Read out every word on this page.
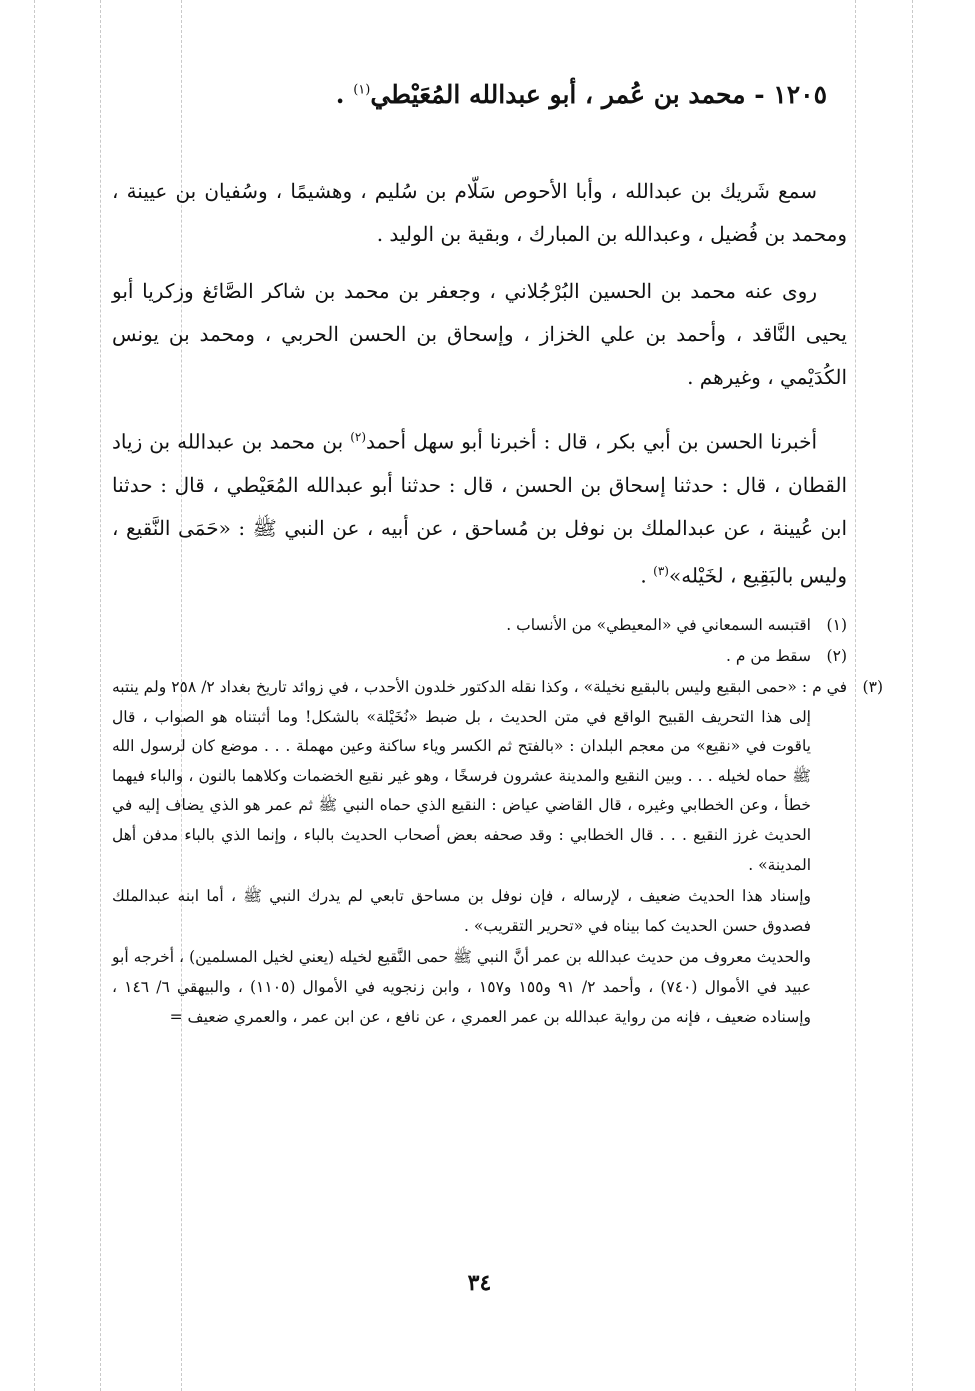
١٢٠٥ - محمد بن عُمر ، أبو عبدالله المُعَيْطي$^{(١)}$ .

سمع شَريك بن عبدالله ، وأبا الأحوص سَلّام بن سُليم ، وهشيمًا ، وسُفيان بن عيينة ، ومحمد بن فُضيل ، وعبدالله بن المبارك ، وبقية بن الوليد .

روى عنه محمد بن الحسين البُرْجُلاني ، وجعفر بن محمد بن شاكر الصَّائغ وزكريا أبو يحيى النَّاقد ، وأحمد بن علي الخزاز ، وإسحاق بن الحسن الحربي ، ومحمد بن يونس الكُدَيْمي ، وغيرهم .

أخبرنا الحسن بن أبي بكر ، قال : أخبرنا أبو سهل أحمد$^{(٢)}$ بن محمد بن عبدالله بن زياد القطان ، قال : حدثنا إسحاق بن الحسن ، قال : حدثنا أبو عبدالله المُعَيْطي ، قال : حدثنا ابن عُيينة ، عن عبدالملك بن نوفل بن مُساحق ، عن أبيه ، عن النبي ﷺ : «حَمَى النَّقيع ، وليس بالبَقِيع ، لخَيْله»$^{(٣)}$ .

(١)اقتبسه السمعاني في «المعيطي» من الأنساب .
(٢)سقط من م .
(٣)في م : «حمى البقيع وليس بالبقيع نخيلة» ، وكذا نقله الدكتور خلدون الأحدب ، في زوائد تاريخ بغداد ٢/ ٢٥٨ ولم ينتبه إلى هذا التحريف القبيح الواقع في متن الحديث ، بل ضبط «نُخَيْلة» بالشكل! وما أثبتناه هو الصواب ، قال ياقوت في «نقيع» من معجم البلدان : «بالفتح ثم الكسر وياء ساكنة وعين مهملة . . . موضع كان لرسول الله ﷺ حماه لخيله . . . وبين النقيع والمدينة عشرون فرسخًا ، وهو غير نقيع الخضمات وكلاهما بالنون ، والباء فيهما خطأ ، وعن الخطابي وغيره ، قال القاضي عياض : النقيع الذي حماه النبي ﷺ ثم عمر هو الذي يضاف إليه في الحديث غرز النقيع . . . قال الخطابي : وقد صحفه بعض أصحاب الحديث بالباء ، وإنما الذي بالباء مدفن أهل المدينة» .

وإسناد هذا الحديث ضعيف ، لإرساله ، فإن نوفل بن مساحق تابعي لم يدرك النبي ﷺ ، أما ابنه عبدالملك فصدوق حسن الحديث كما بيناه في «تحرير التقريب» .

والحديث معروف من حديث عبدالله بن عمر أنَّ النبي ﷺ حمى النَّقيع لخيله (يعني لخيل المسلمين) ، أخرجه أبو عبيد في الأموال (٧٤٠) ، وأحمد ٢/ ٩١ و١٥٥ و١٥٧ ، وابن زنجويه في الأموال (١١٠٥) ، والبيهقي ٦/ ١٤٦ ، وإسناده ضعيف ، فإنه من رواية عبدالله بن عمر العمري ، عن نافع ، عن ابن عمر ، والعمري ضعيف =

٣٤
